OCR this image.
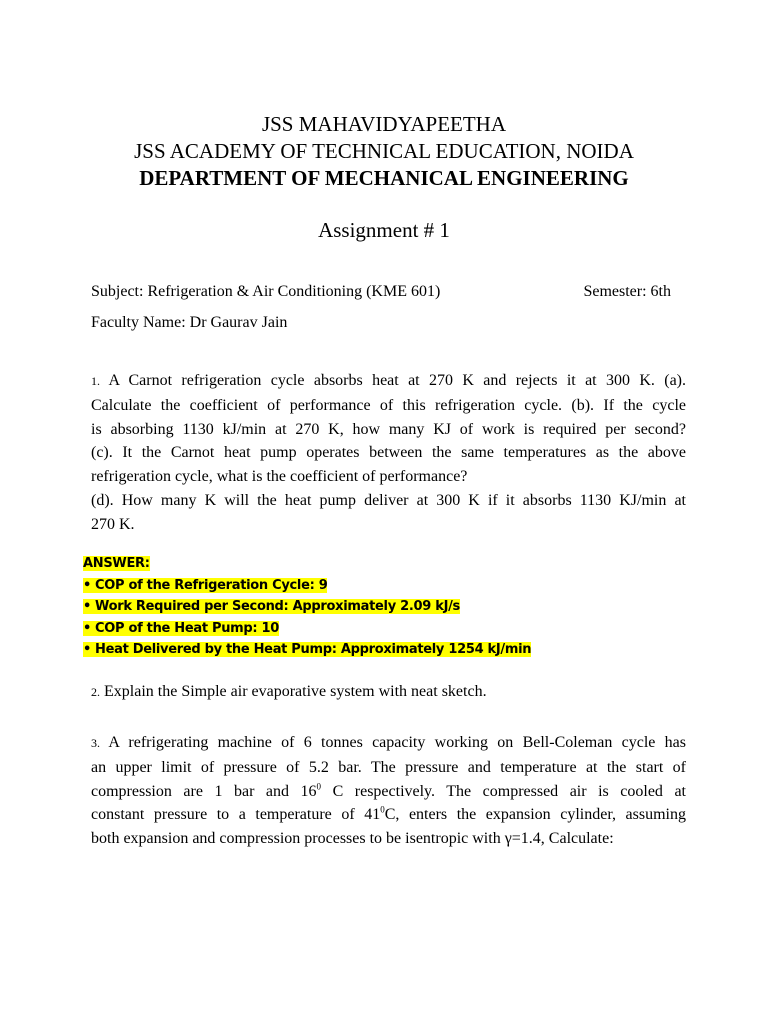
JSS MAHAVIDYAPEETHA
JSS ACADEMY OF TECHNICAL EDUCATION, NOIDA
DEPARTMENT OF MECHANICAL ENGINEERING
Assignment # 1
Subject: Refrigeration & Air Conditioning (KME 601)	Semester: 6th
Faculty Name: Dr Gaurav Jain
1. A Carnot refrigeration cycle absorbs heat at 270 K and rejects it at 300 K. (a).
Calculate the coefficient of performance of this refrigeration cycle. (b). If the cycle
is absorbing 1130 kJ/min at 270 K, how many KJ of work is required per second?
(c). It the Carnot heat pump operates between the same temperatures as the above
refrigeration cycle, what is the coefficient of performance?
(d). How many K will the heat pump deliver at 300 K if it absorbs 1130 KJ/min at
270 K.
ANSWER:
• COP of the Refrigeration Cycle: 9
• Work Required per Second: Approximately 2.09 kJ/s
• COP of the Heat Pump: 10
• Heat Delivered by the Heat Pump: Approximately 1254 kJ/min
2. Explain the Simple air evaporative system with neat sketch.
3. A refrigerating machine of 6 tonnes capacity working on Bell-Coleman cycle has
an upper limit of pressure of 5.2 bar. The pressure and temperature at the start of
compression are 1 bar and $16^0$ C respectively. The compressed air is cooled at
constant pressure to a temperature of $41^0C$, enters the expansion cylinder, assuming
both expansion and compression processes to be isentropic with γ=1.4, Calculate:
